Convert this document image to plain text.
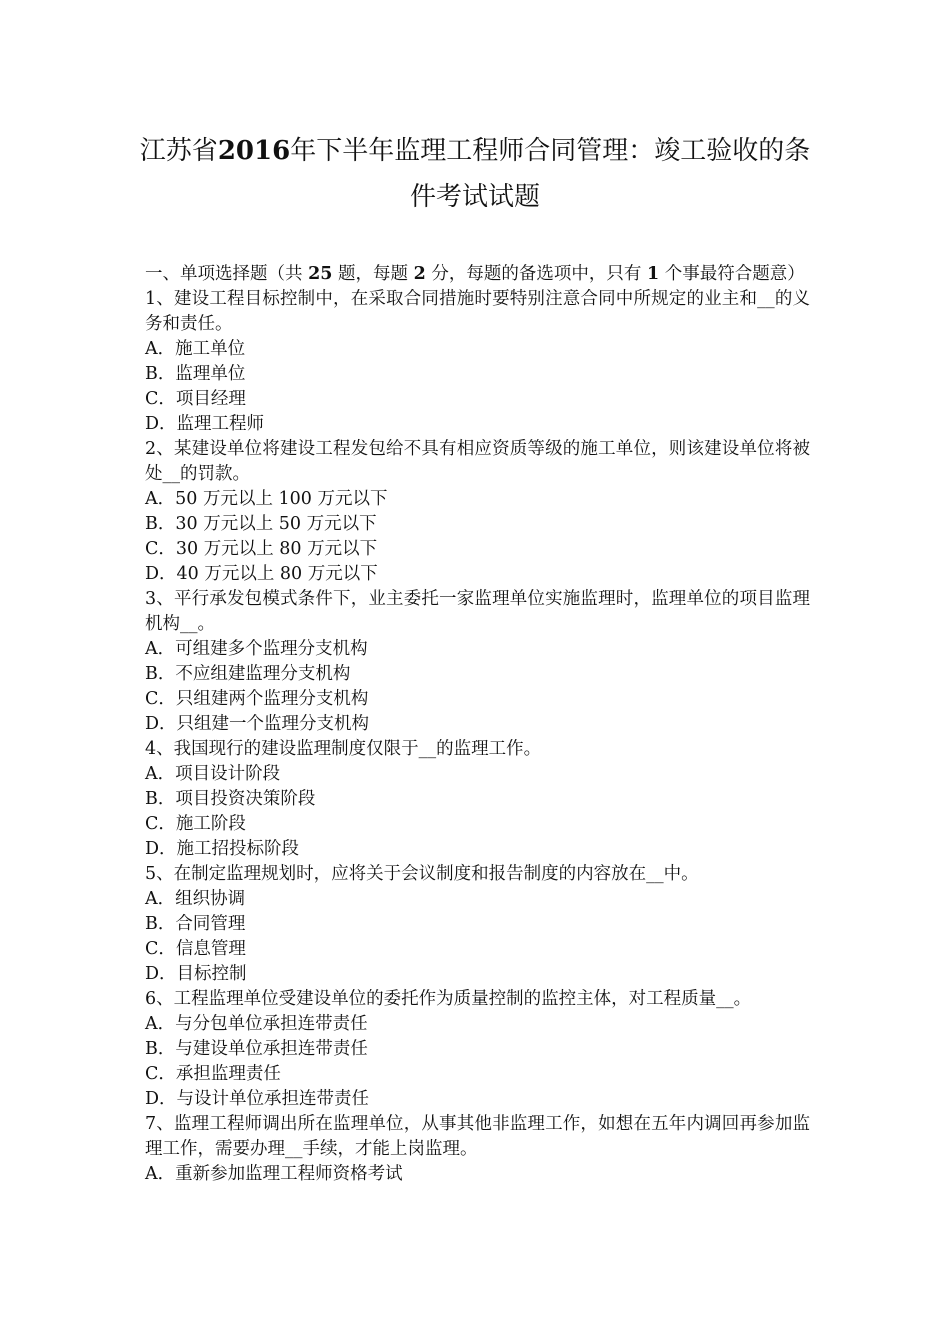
江苏省2016年下半年监理工程师合同管理：竣工验收的条件考试试题

一、单项选择题（共 25 题，每题 2 分，每题的备选项中，只有 1 个事最符合题意）

1、建设工程目标控制中，在采取合同措施时要特别注意合同中所规定的业主和__的义务和责任。

A．施工单位

B．监理单位

C．项目经理

D．监理工程师

2、某建设单位将建设工程发包给不具有相应资质等级的施工单位，则该建设单位将被处__的罚款。

A．50 万元以上 100 万元以下

B．30 万元以上 50 万元以下

C．30 万元以上 80 万元以下

D．40 万元以上 80 万元以下

3、平行承发包模式条件下，业主委托一家监理单位实施监理时，监理单位的项目监理机构__。

A．可组建多个监理分支机构

B．不应组建监理分支机构

C．只组建两个监理分支机构

D．只组建一个监理分支机构

4、我国现行的建设监理制度仅限于__的监理工作。

A．项目设计阶段

B．项目投资决策阶段

C．施工阶段

D．施工招投标阶段

5、在制定监理规划时，应将关于会议制度和报告制度的内容放在__中。

A．组织协调

B．合同管理

C．信息管理

D．目标控制

6、工程监理单位受建设单位的委托作为质量控制的监控主体，对工程质量__。

A．与分包单位承担连带责任

B．与建设单位承担连带责任

C．承担监理责任

D．与设计单位承担连带责任

7、监理工程师调出所在监理单位，从事其他非监理工作，如想在五年内调回再参加监理工作，需要办理__手续，才能上岗监理。

A．重新参加监理工程师资格考试
